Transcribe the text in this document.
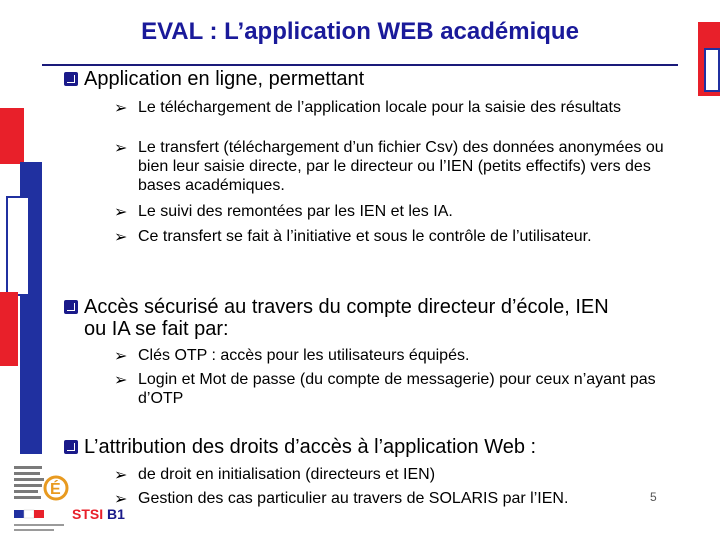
EVAL : L’application WEB académique
Application en ligne, permettant
➢ Le téléchargement de l’application locale pour la saisie des résultats
➢ Le transfert (téléchargement d’un fichier Csv) des données anonymées ou bien leur saisie directe, par le directeur ou l’IEN (petits effectifs) vers des bases académiques.
➢ Le suivi des remontées par les IEN et les IA.
➢ Ce transfert se fait à l’initiative et sous le contrôle de l’utilisateur.
Accès sécurisé au travers du compte directeur d’école, IEN ou IA se fait par:
➢ Clés OTP : accès pour les utilisateurs équipés.
➢ Login et Mot de passe (du compte de messagerie) pour ceux n’ayant pas d’OTP
L’attribution des droits d’accès à l’application Web :
➢ de droit en initialisation (directeurs et IEN)
➢ Gestion des cas particulier au travers de SOLARIS par l’IEN.
É
STSI B1
5
